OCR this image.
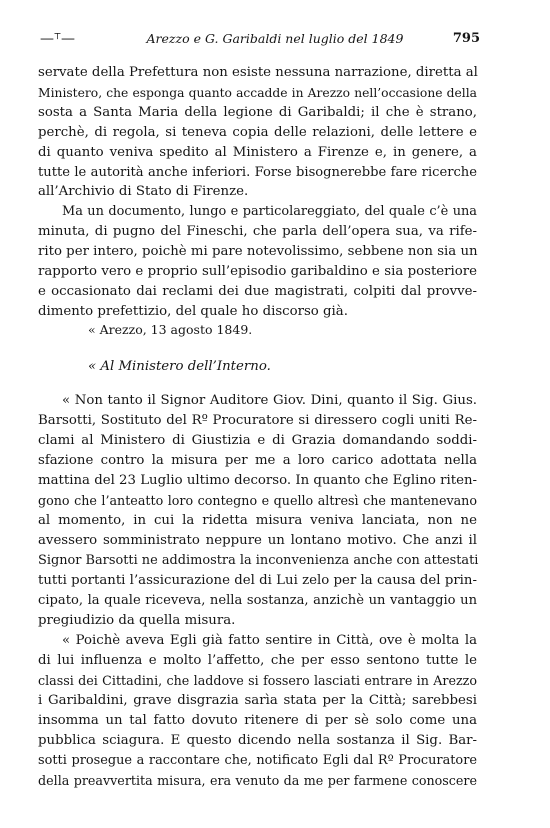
—⸆—	Arezzo e G. Garibaldi nel luglio del 1849	795
servate della Prefettura non esiste nessuna narrazione, diretta al
Ministero, che esponga quanto accadde in Arezzo nell’occasione della
sosta a Santa Maria della legione di Garibaldi; il che è strano,
perchè, di regola, si teneva copia delle relazioni, delle lettere e
di quanto veniva spedito al Ministero a Firenze e, in genere, a
tutte le autorità anche inferiori. Forse bisognerebbe fare ricerche
all’Archivio di Stato di Firenze.
Ma un documento, lungo e particolareggiato, del quale c’è una
minuta, di pugno del Fineschi, che parla dell’opera sua, va rife-
rito per intero, poichè mi pare notevolissimo, sebbene non sia un
rapporto vero e proprio sull’episodio garibaldino e sia posteriore
e occasionato dai reclami dei due magistrati, colpiti dal provve-
dimento prefettizio, del quale ho discorso già.
« Arezzo, 13 agosto 1849.
« Al Ministero dell’Interno.
« Non tanto il Signor Auditore Giov. Dini, quanto il Sig. Gius.
Barsotti, Sostituto del Rº Procuratore si diressero cogli uniti Re-
clami al Ministero di Giustizia e di Grazia domandando soddi-
sfazione contro la misura per me a loro carico adottata nella
mattina del 23 Luglio ultimo decorso. In quanto che Eglino riten-
gono che l’anteatto loro contegno e quello altresì che mantenevano
al momento, in cui la ridetta misura veniva lanciata, non ne
avessero somministrato neppure un lontano motivo. Che anzi il
Signor Barsotti ne addimostra la inconvenienza anche con attestati
tutti portanti l’assicurazione del di Lui zelo per la causa del prin-
cipato, la quale riceveva, nella sostanza, anzichè un vantaggio un
pregiudizio da quella misura.
« Poichè aveva Egli già fatto sentire in Città, ove è molta la
di lui influenza e molto l’affetto, che per esso sentono tutte le
classi dei Cittadini, che laddove si fossero lasciati entrare in Arezzo
i Garibaldini, grave disgrazia sarìa stata per la Città; sarebbesi
insomma un tal fatto dovuto ritenere di per sè solo come una
pubblica sciagura. E questo dicendo nella sostanza il Sig. Bar-
sotti prosegue a raccontare che, notificato Egli dal Rº Procuratore
della preavvertita misura, era venuto da me per farmene conoscere
